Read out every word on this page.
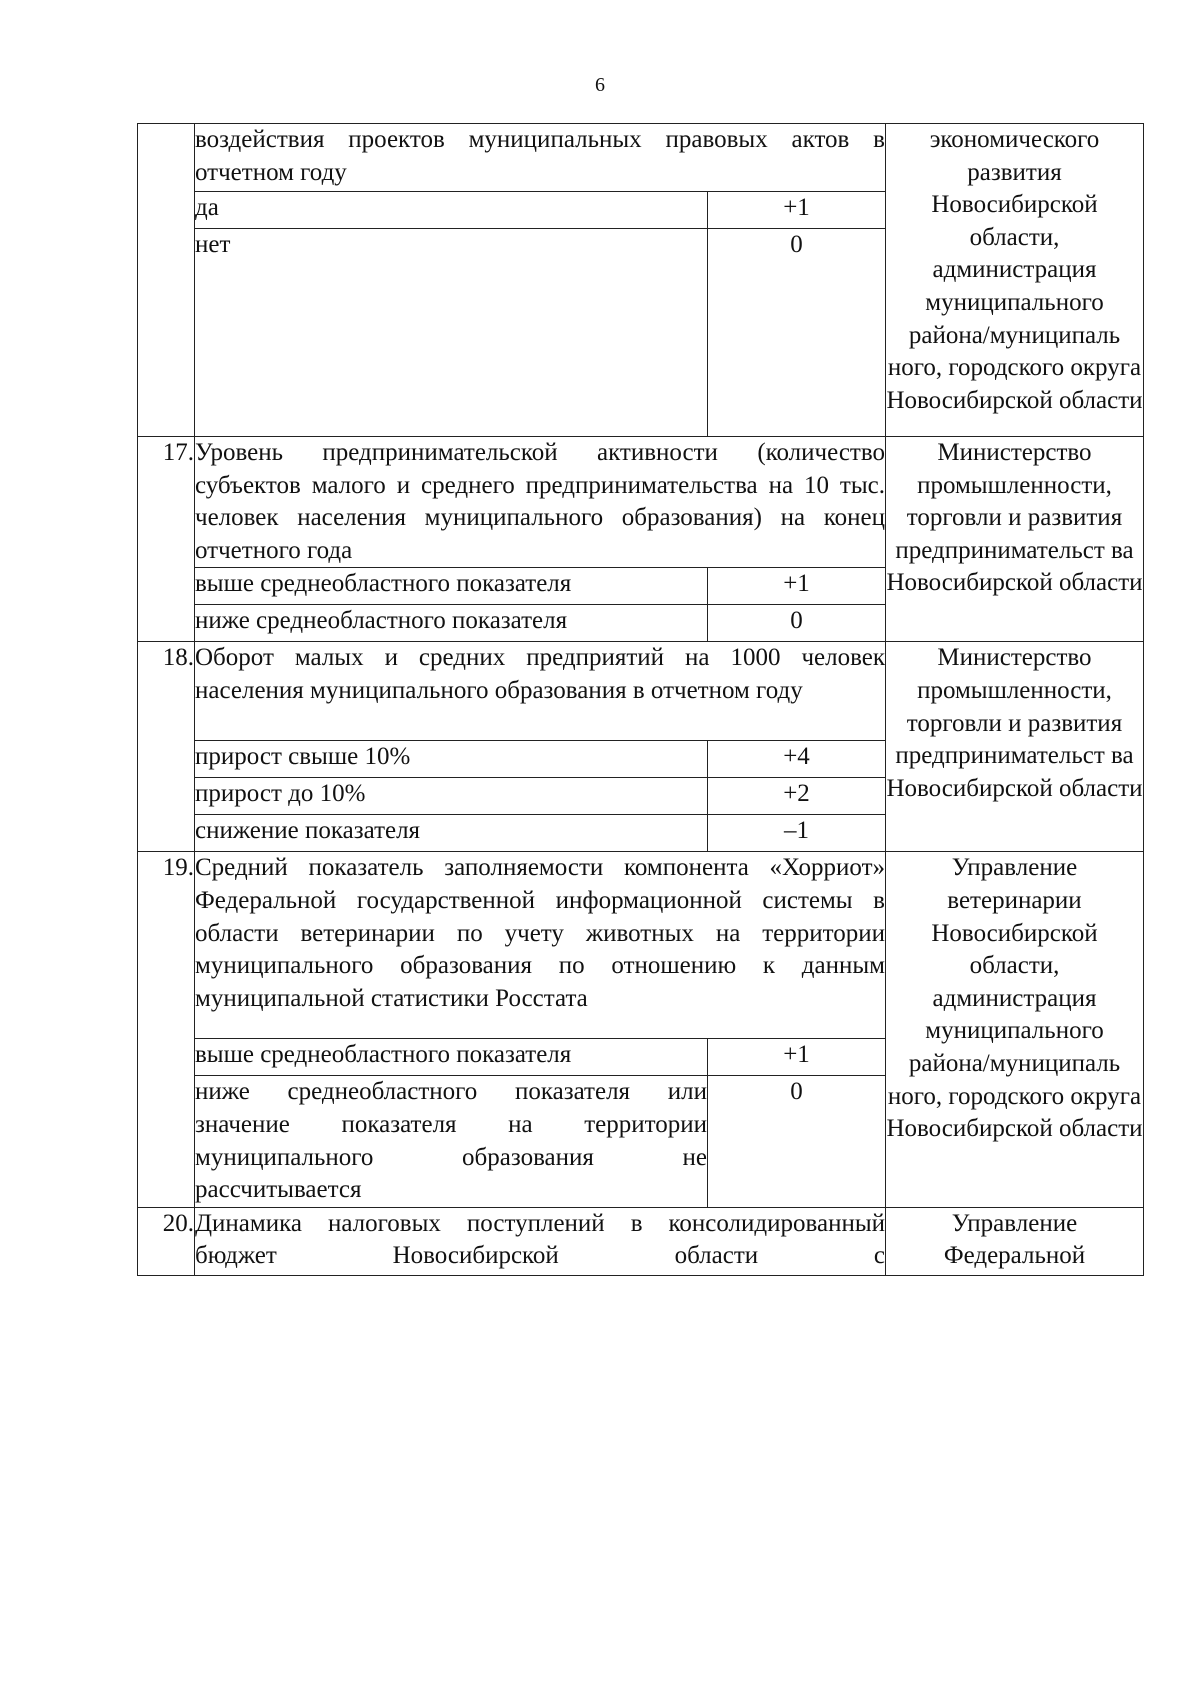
6
	воздействия проектов муниципальных правовых актов в отчетном году		экономического развития Новосибирской области, администрация муниципального района/муниципаль ного, городского округа Новосибирской области
	да	+1	
	нет	0	
17.	Уровень предпринимательской активности (количество субъектов малого и среднего предпринимательства на 10 тыс. человек населения муниципального образования) на конец отчетного года		Министерство промышленности, торговли и развития предпринимательст ва Новосибирской области
	выше среднеобластного показателя	+1	
	ниже среднеобластного показателя	0	
18.	Оборот малых и средних предприятий на 1000 человек населения муниципального образования в отчетном году		Министерство промышленности, торговли и развития предпринимательст ва Новосибирской области
	прирост свыше 10%	+4	
	прирост до 10%	+2	
	снижение показателя	–1	
19.	Средний показатель заполняемости компонента «Хорриот» Федеральной государственной информационной системы в области ветеринарии по учету животных на территории муниципального образования по отношению к данным муниципальной статистики Росстата		Управление ветеринарии Новосибирской области, администрация муниципального района/муниципаль ного, городского округа Новосибирской области
	выше среднеобластного показателя	+1	
	ниже среднеобластного показателя или значение показателя на территории муниципального образования не рассчитывается	0	
20.	Динамика налоговых поступлений в консолидированный бюджет Новосибирской области с		Управление Федеральной
